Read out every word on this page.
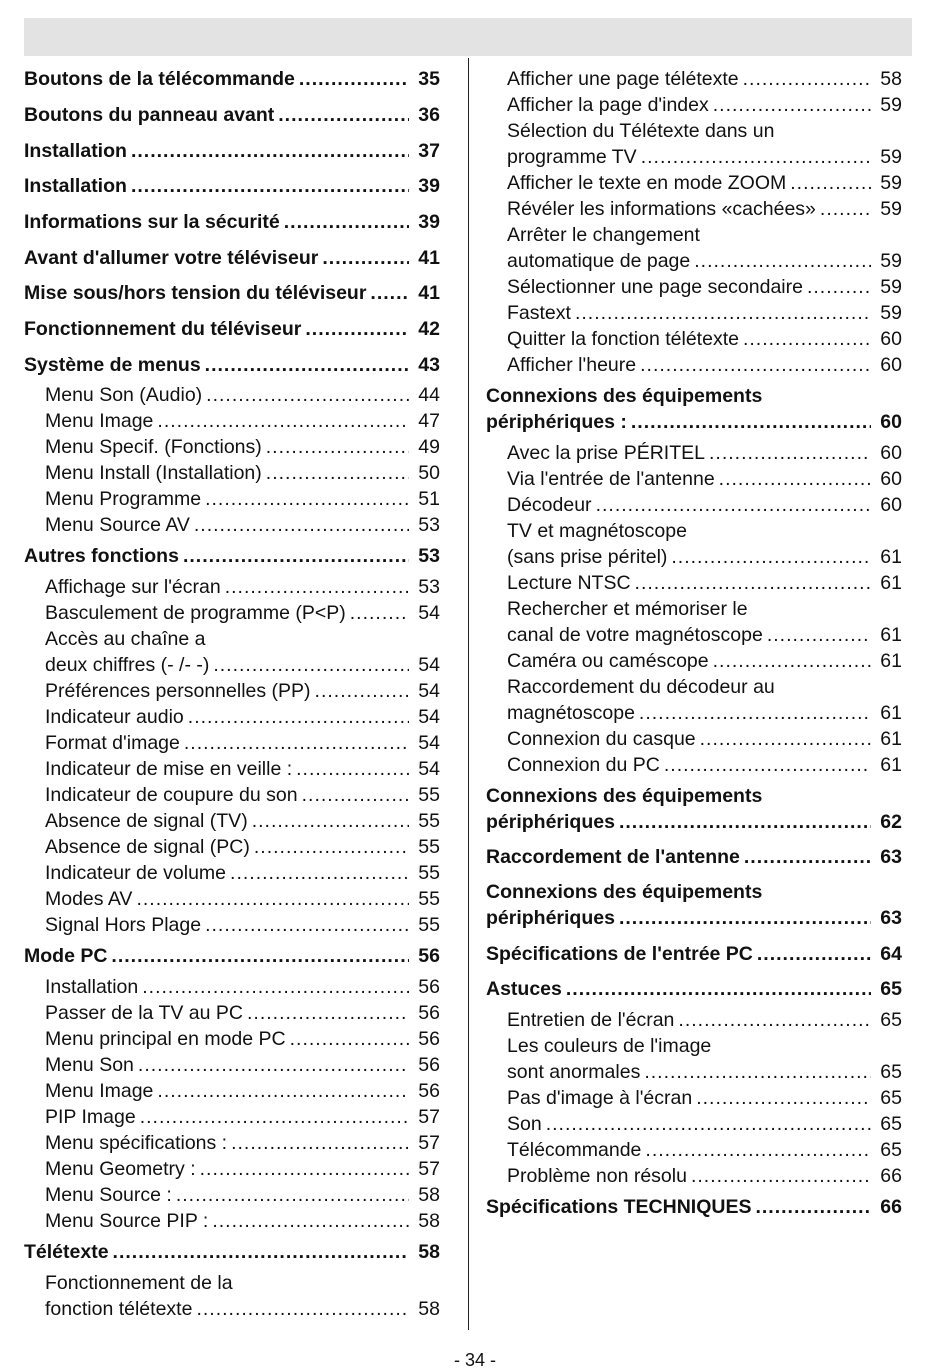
Boutons de la télécommande .....	35
Boutons du panneau avant .....	36
Installation .....	37
Installation .....	39
Informations sur la sécurité .....	39
Avant d'allumer votre téléviseur .....	41
Mise sous/hors tension du téléviseur .....	41
Fonctionnement du téléviseur .....	42
Système de menus .....	43
Menu Son (Audio) .....	44
Menu Image .....	47
Menu Specif. (Fonctions) .....	49
Menu Install (Installation) .....	50
Menu Programme .....	51
Menu Source AV .....	53
Autres fonctions .....	53
Affichage sur l'écran .....	53
Basculement de programme (P<P) .....	54
Accès au chaîne a
deux chiffres (- /- -) .....	54
Préférences personnelles (PP) .....	54
Indicateur audio .....	54
Format d'image .....	54
Indicateur de mise en veille : .....	54
Indicateur de coupure du son .....	55
Absence de signal (TV) .....	55
Absence de signal (PC) .....	55
Indicateur de volume .....	55
Modes AV .....	55
Signal Hors Plage .....	55
Mode PC .....	56
Installation .....	56
Passer de la TV au PC .....	56
Menu principal en mode PC .....	56
Menu Son .....	56
Menu Image .....	56
PIP Image .....	57
Menu spécifications : .....	57
Menu Geometry : .....	57
Menu Source : .....	58
Menu Source PIP : .....	58
Télétexte .....	58
Fonctionnement de la
fonction télétexte .....	58
Afficher une page télétexte .....	58
Afficher la page d'index .....	59
Sélection du Télétexte dans un
programme TV .....	59
Afficher le texte en mode ZOOM .....	59
Révéler les informations «cachées» .....	59
Arrêter le changement
automatique de page .....	59
Sélectionner une page secondaire .....	59
Fastext .....	59
Quitter la fonction télétexte .....	60
Afficher l'heure .....	60
Connexions des équipements
périphériques : .....	60
Avec la prise PÉRITEL .....	60
Via l'entrée de l'antenne .....	60
Décodeur .....	60
TV et magnétoscope
(sans prise péritel) .....	61
Lecture NTSC .....	61
Rechercher et mémoriser le
canal de votre magnétoscope .....	61
Caméra ou caméscope .....	61
Raccordement du décodeur au
magnétoscope .....	61
Connexion du casque .....	61
Connexion du PC .....	61
Connexions des équipements
périphériques .....	62
Raccordement de l'antenne .....	63
Connexions des équipements
périphériques .....	63
Spécifications de l'entrée PC .....	64
Astuces .....	65
Entretien de l'écran .....	65
Les couleurs de l'image
sont anormales .....	65
Pas d'image à l'écran .....	65
Son .....	65
Télécommande .....	65
Problème non résolu .....	66
Spécifications TECHNIQUES .....	66
- 34 -
